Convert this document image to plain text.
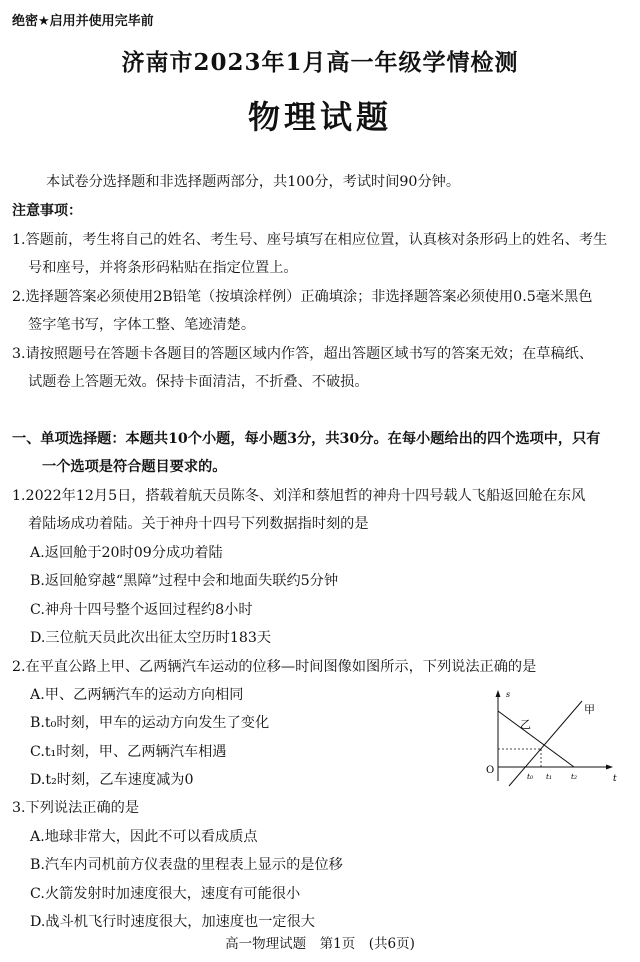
绝密★启用并使用完毕前
济南市2023年1月高一年级学情检测
物理试题
本试卷分选择题和非选择题两部分，共100分，考试时间90分钟。
注意事项：
1.答题前，考生将自己的姓名、考生号、座号填写在相应位置，认真核对条形码上的姓名、考生
号和座号，并将条形码粘贴在指定位置上。
2.选择题答案必须使用2B铅笔（按填涂样例）正确填涂；非选择题答案必须使用0.5毫米黑色
签字笔书写，字体工整、笔迹清楚。
3.请按照题号在答题卡各题目的答题区域内作答，超出答题区域书写的答案无效；在草稿纸、
试题卷上答题无效。保持卡面清洁，不折叠、不破损。
一、单项选择题：本题共10个小题，每小题3分，共30分。在每小题给出的四个选项中，只有
一个选项是符合题目要求的。
1.2022年12月5日，搭载着航天员陈冬、刘洋和蔡旭哲的神舟十四号载人飞船返回舱在东风
着陆场成功着陆。关于神舟十四号下列数据指时刻的是
A.返回舱于20时09分成功着陆
B.返回舱穿越“黑障”过程中会和地面失联约5分钟
C.神舟十四号整个返回过程约8小时
D.三位航天员此次出征太空历时183天
2.在平直公路上甲、乙两辆汽车运动的位移—时间图像如图所示，下列说法正确的是
A.甲、乙两辆汽车的运动方向相同
B.t₀时刻，甲车的运动方向发生了变化
C.t₁时刻，甲、乙两辆汽车相遇
D.t₂时刻，乙车速度减为0
s
t
O
甲
乙
t₀ t₁	t₂
3.下列说法正确的是
A.地球非常大，因此不可以看成质点
B.汽车内司机前方仪表盘的里程表上显示的是位移
C.火箭发射时加速度很大，速度有可能很小
D.战斗机飞行时速度很大，加速度也一定很大
高一物理试题　第1页　(共6页)
